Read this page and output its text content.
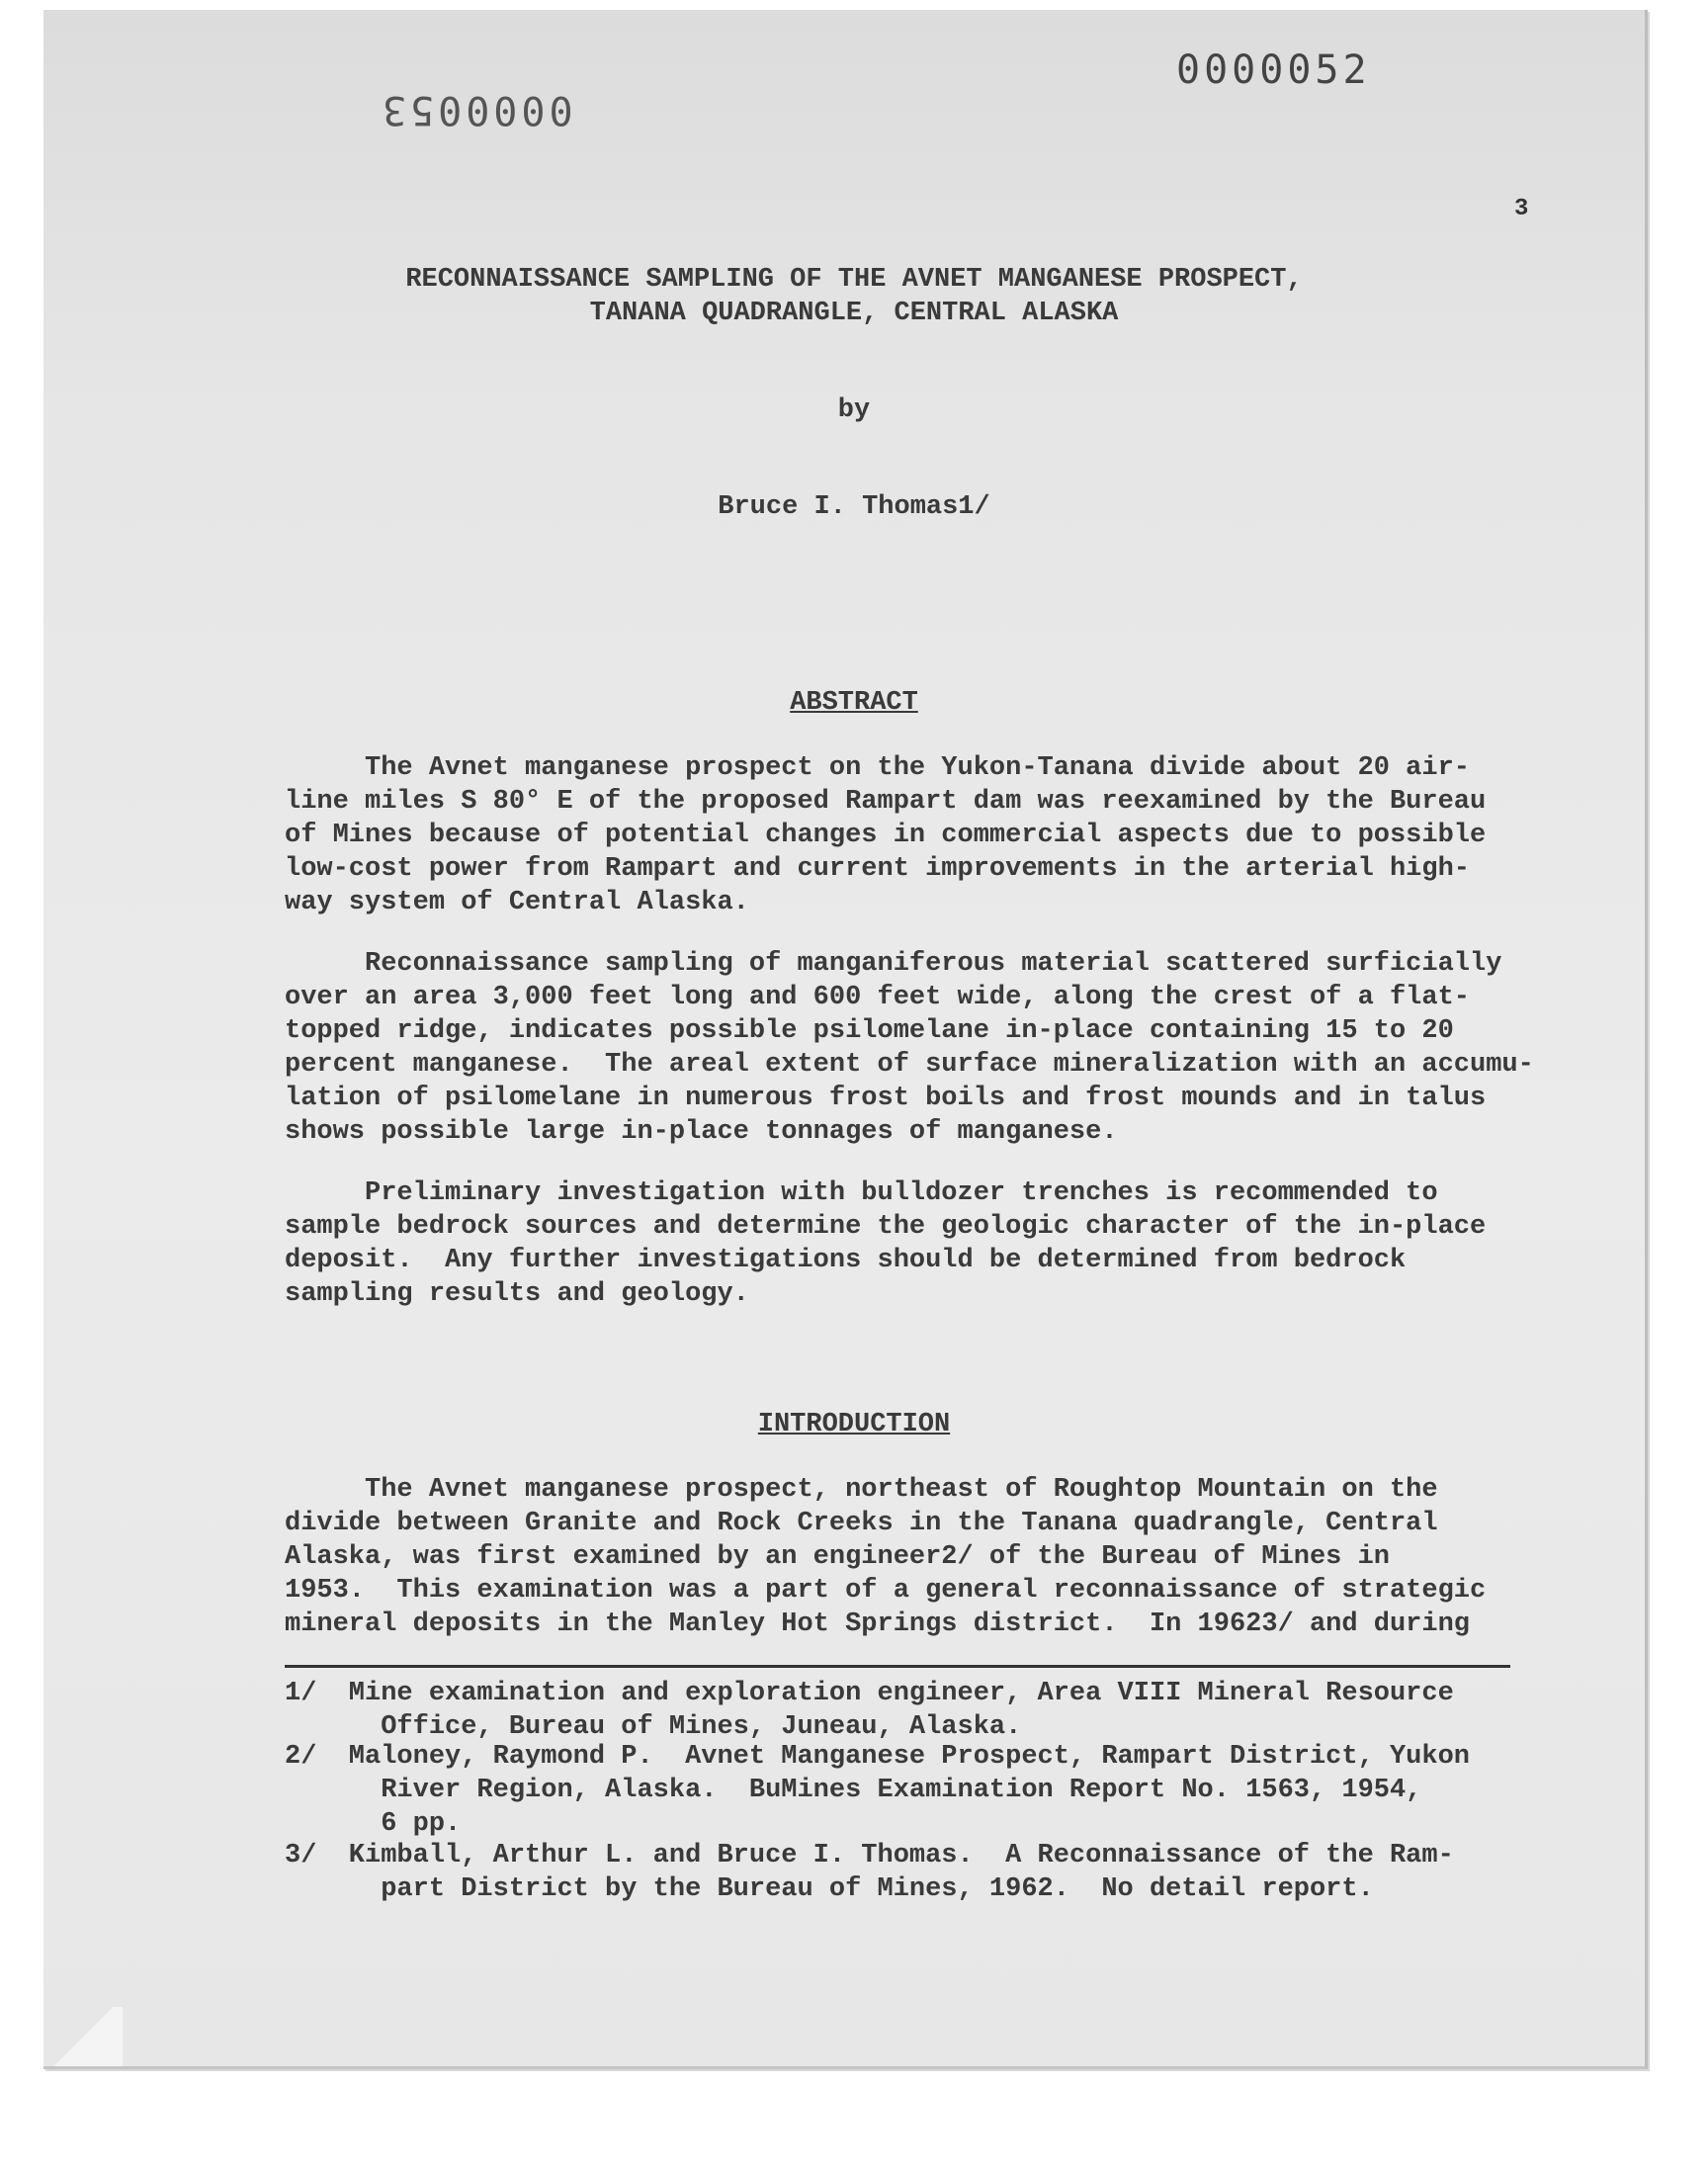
0000053
0000052
3
RECONNAISSANCE SAMPLING OF THE AVNET MANGANESE PROSPECT,
TANANA QUADRANGLE, CENTRAL ALASKA
by
Bruce I. Thomas1/
ABSTRACT
The Avnet manganese prospect on the Yukon-Tanana divide about 20 air-
line miles S 80° E of the proposed Rampart dam was reexamined by the Bureau
of Mines because of potential changes in commercial aspects due to possible
low-cost power from Rampart and current improvements in the arterial high-
way system of Central Alaska.
Reconnaissance sampling of manganiferous material scattered surficially
over an area 3,000 feet long and 600 feet wide, along the crest of a flat-
topped ridge, indicates possible psilomelane in-place containing 15 to 20
percent manganese.  The areal extent of surface mineralization with an accumu-
lation of psilomelane in numerous frost boils and frost mounds and in talus
shows possible large in-place tonnages of manganese.
Preliminary investigation with bulldozer trenches is recommended to
sample bedrock sources and determine the geologic character of the in-place
deposit.  Any further investigations should be determined from bedrock
sampling results and geology.
INTRODUCTION
The Avnet manganese prospect, northeast of Roughtop Mountain on the
divide between Granite and Rock Creeks in the Tanana quadrangle, Central
Alaska, was first examined by an engineer2/ of the Bureau of Mines in
1953.  This examination was a part of a general reconnaissance of strategic
mineral deposits in the Manley Hot Springs district.  In 19623/ and during
1/  Mine examination and exploration engineer, Area VIII Mineral Resource
Office, Bureau of Mines, Juneau, Alaska.
2/  Maloney, Raymond P.  Avnet Manganese Prospect, Rampart District, Yukon
River Region, Alaska.  BuMines Examination Report No. 1563, 1954,
6 pp.
3/  Kimball, Arthur L. and Bruce I. Thomas.  A Reconnaissance of the Ram-
part District by the Bureau of Mines, 1962.  No detail report.
